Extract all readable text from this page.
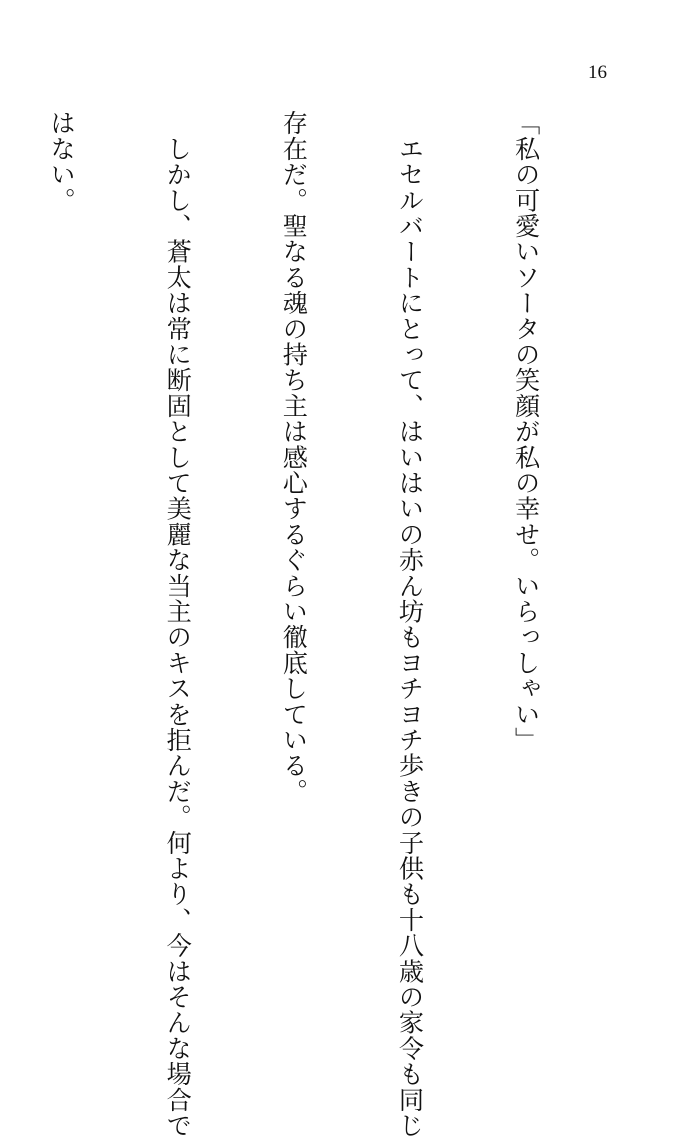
16

「私の可愛いソータの笑顔が私の幸せ。いらっしゃい」

　エセルバートにとって、はいはいの赤ん坊もヨチヨチ歩きの子供も十八歳の家令も同じ

存在だ。聖なる魂の持ち主は感心するぐらい徹底している。

　しかし、蒼太は常に断固として美麗な当主のキスを拒んだ。何より、今はそんな場合で

はない。
